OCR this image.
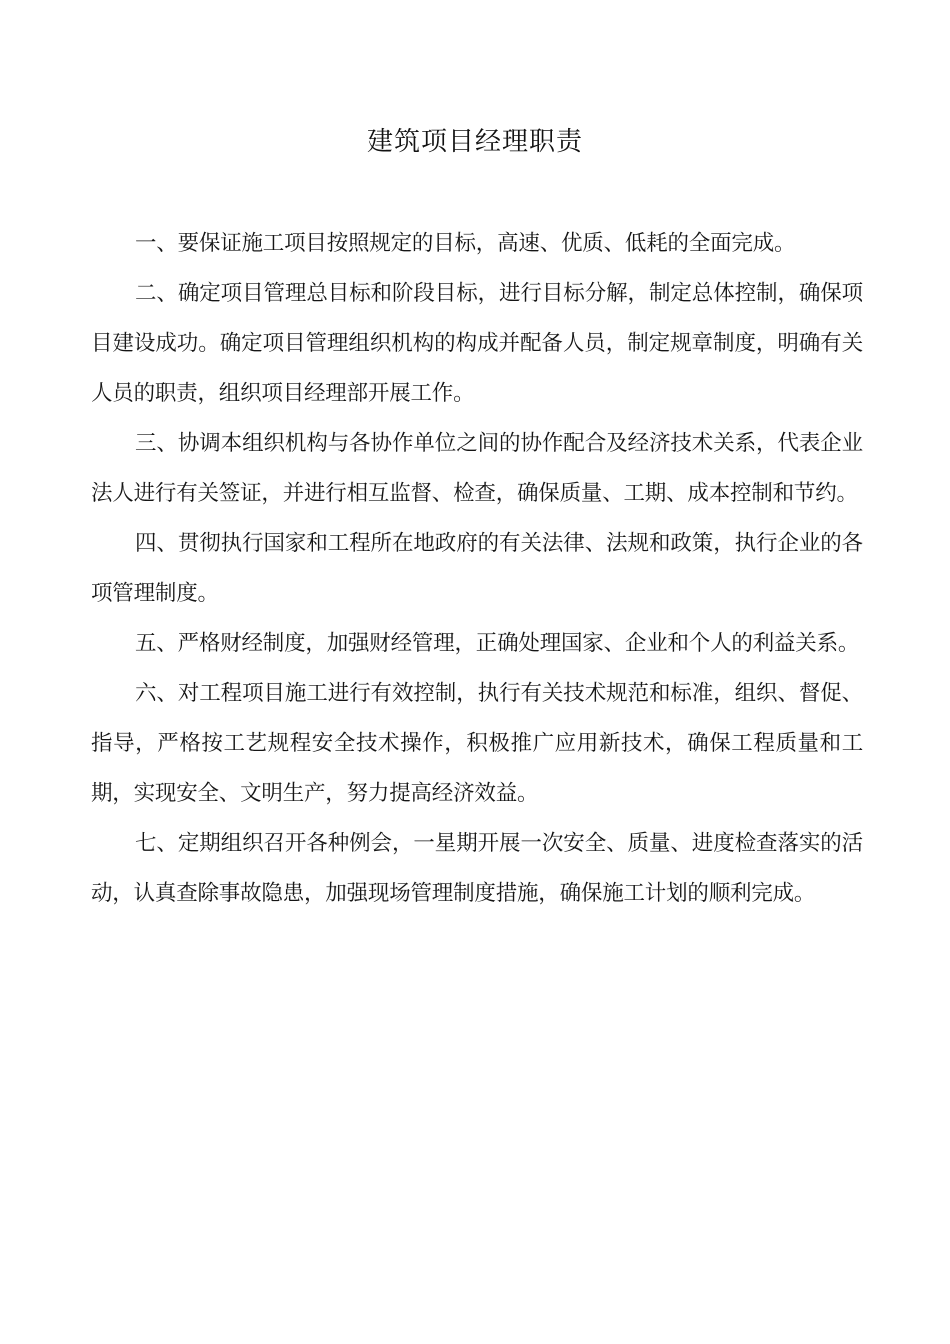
建筑项目经理职责

一、要保证施工项目按照规定的目标，高速、优质、低耗的全面完成。

二、确定项目管理总目标和阶段目标，进行目标分解，制定总体控制，确保项目建设成功。确定项目管理组织机构的构成并配备人员，制定规章制度，明确有关人员的职责，组织项目经理部开展工作。

三、协调本组织机构与各协作单位之间的协作配合及经济技术关系，代表企业法人进行有关签证，并进行相互监督、检查，确保质量、工期、成本控制和节约。

四、贯彻执行国家和工程所在地政府的有关法律、法规和政策，执行企业的各项管理制度。

五、严格财经制度，加强财经管理，正确处理国家、企业和个人的利益关系。

六、对工程项目施工进行有效控制，执行有关技术规范和标准，组织、督促、指导，严格按工艺规程安全技术操作，积极推广应用新技术，确保工程质量和工期，实现安全、文明生产，努力提高经济效益。

七、定期组织召开各种例会，一星期开展一次安全、质量、进度检查落实的活动，认真查除事故隐患，加强现场管理制度措施，确保施工计划的顺利完成。
